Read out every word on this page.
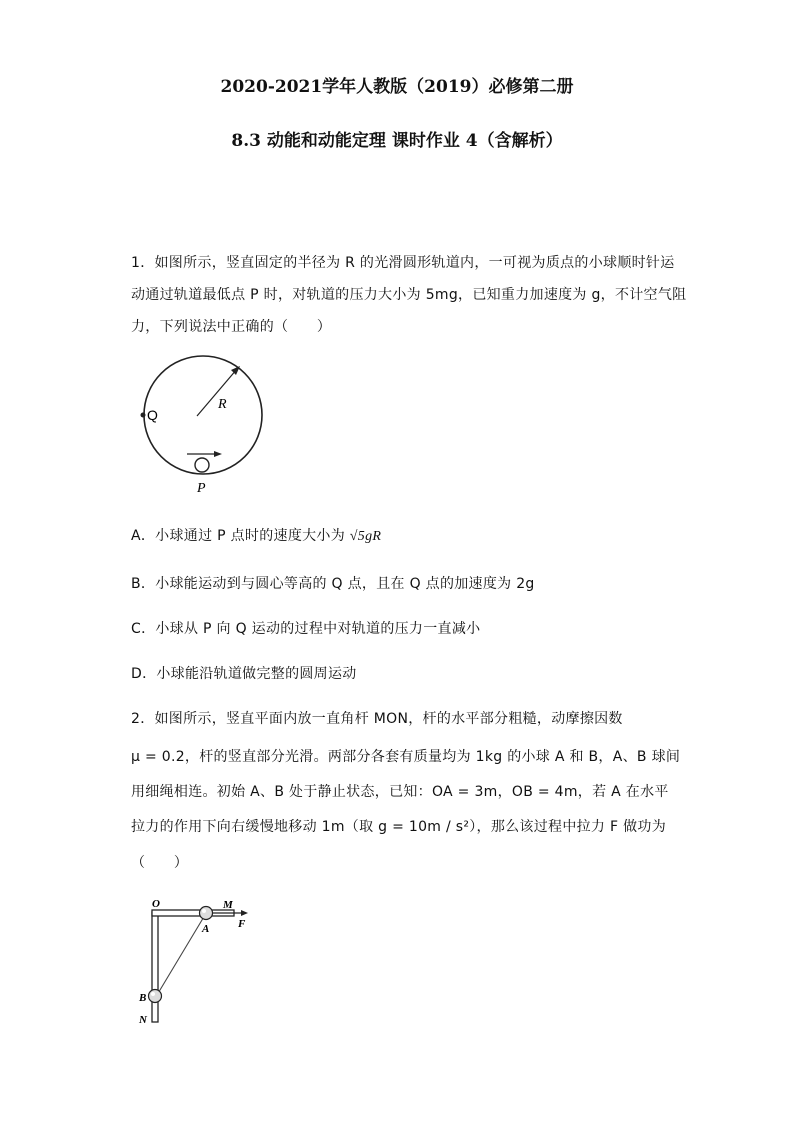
2020-2021学年人教版（2019）必修第二册
8.3 动能和动能定理 课时作业 4（含解析）
1．如图所示，竖直固定的半径为 R 的光滑圆形轨道内，一可视为质点的小球顺时针运
动通过轨道最低点 P 时，对轨道的压力大小为 5mg，已知重力加速度为 g，不计空气阻
力，下列说法中正确的（　　）
R
Q
P
A．小球通过 P 点时的速度大小为 √5gR
B．小球能运动到与圆心等高的 Q 点，且在 Q 点的加速度为 2g
C．小球从 P 向 Q 运动的过程中对轨道的压力一直减小
D．小球能沿轨道做完整的圆周运动
2．如图所示，竖直平面内放一直角杆 MON，杆的水平部分粗糙，动摩擦因数
μ = 0.2，杆的竖直部分光滑。两部分各套有质量均为 1kg 的小球 A 和 B，A、B 球间
用细绳相连。初始 A、B 处于静止状态，已知：OA = 3m，OB = 4m，若 A 在水平
拉力的作用下向右缓慢地移动 1m（取 g = 10m / s²），那么该过程中拉力 F 做功为
（　　）
O	M
A	F
B
N
